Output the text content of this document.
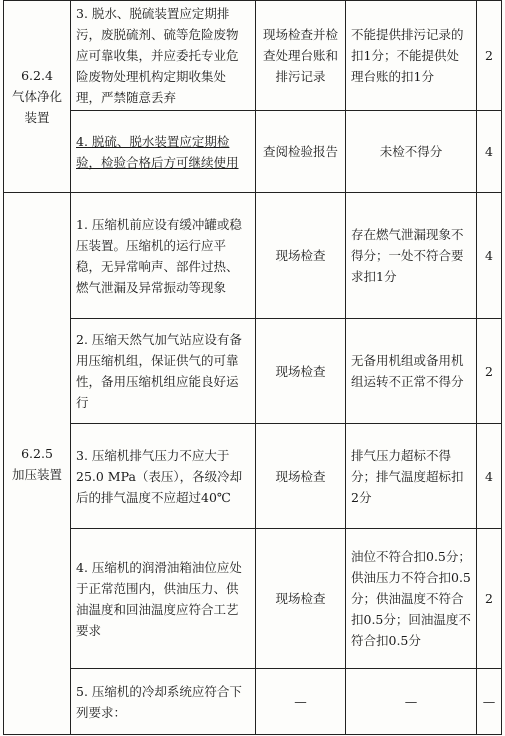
6.2.4
气体净化装置	3. 脱水、脱硫装置应定期排污，废脱硫剂、硫等危险废物应可靠收集，并应委托专业危险废物处理机构定期收集处理，严禁随意丢弃	现场检查并检查处理台账和排污记录	不能提供排污记录的扣1分；不能提供处理台账的扣1分	2
	4. 脱硫、脱水装置应定期检验，检验合格后方可继续使用	查阅检验报告	未检不得分	4

6.2.5
加压装置	1. 压缩机前应设有缓冲罐或稳压装置。压缩机的运行应平稳，无异常响声、部件过热、燃气泄漏及异常振动等现象	现场检查	存在燃气泄漏现象不得分；一处不符合要求扣1分	4
	2. 压缩天然气加气站应设有备用压缩机组，保证供气的可靠性，备用压缩机组应能良好运行	现场检查	无备用机组或备用机组运转不正常不得分	2
	3. 压缩机排气压力不应大于25.0 MPa（表压），各级冷却后的排气温度不应超过40℃	现场检查	排气压力超标不得分；排气温度超标扣2分	4
	4. 压缩机的润滑油箱油位应处于正常范围内，供油压力、供油温度和回油温度应符合工艺要求	现场检查	油位不符合扣0.5分；供油压力不符合扣0.5分；供油温度不符合扣0.5分；回油温度不符合扣0.5分	2
	5. 压缩机的冷却系统应符合下列要求：	—	—	—
